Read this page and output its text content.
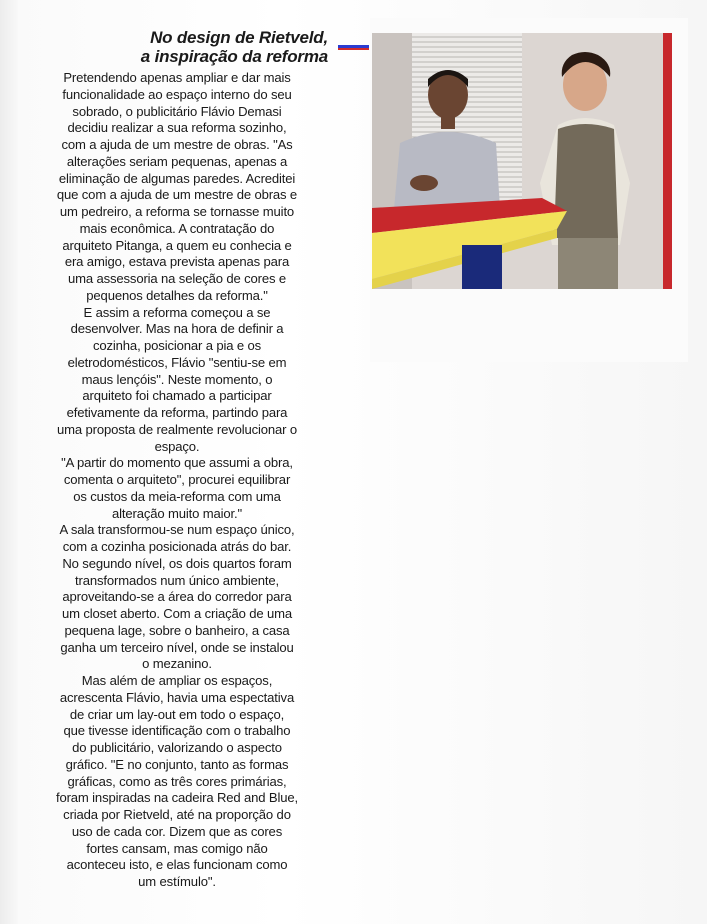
No design de Rietveld,
a inspiração da reforma
Pretendendo apenas ampliar e dar mais
funcionalidade ao espaço interno do seu
sobrado, o publicitário Flávio Demasi
decidiu realizar a sua reforma sozinho,
com a ajuda de um mestre de obras. "As
alterações seriam pequenas, apenas a
eliminação de algumas paredes. Acreditei
que com a ajuda de um mestre de obras e
um pedreiro, a reforma se tornasse muito
mais econômica. A contratação do
arquiteto Pitanga, a quem eu conhecia e
era amigo, estava prevista apenas para
uma assessoria na seleção de cores e
pequenos detalhes da reforma."
E assim a reforma começou a se
desenvolver. Mas na hora de definir a
cozinha, posicionar a pia e os
eletrodomésticos, Flávio "sentiu-se em
maus lençóis". Neste momento, o
arquiteto foi chamado a participar
efetivamente da reforma, partindo para
uma proposta de realmente revolucionar o
espaço.
"A partir do momento que assumi a obra,
comenta o arquiteto", procurei equilibrar
os custos da meia-reforma com uma
alteração muito maior."
A sala transformou-se num espaço único,
com a cozinha posicionada atrás do bar.
No segundo nível, os dois quartos foram
transformados num único ambiente,
aproveitando-se a área do corredor para
um closet aberto. Com a criação de uma
pequena lage, sobre o banheiro, a casa
ganha um terceiro nível, onde se instalou
o mezanino.
Mas além de ampliar os espaços,
acrescenta Flávio, havia uma espectativa
de criar um lay-out em todo o espaço,
que tivesse identificação com o trabalho
do publicitário, valorizando o aspecto
gráfico. "E no conjunto, tanto as formas
gráficas, como as três cores primárias,
foram inspiradas na cadeira Red and Blue,
criada por Rietveld, até na proporção do
uso de cada cor. Dizem que as cores
fortes cansam, mas comigo não
aconteceu isto, e elas funcionam como
um estímulo".
